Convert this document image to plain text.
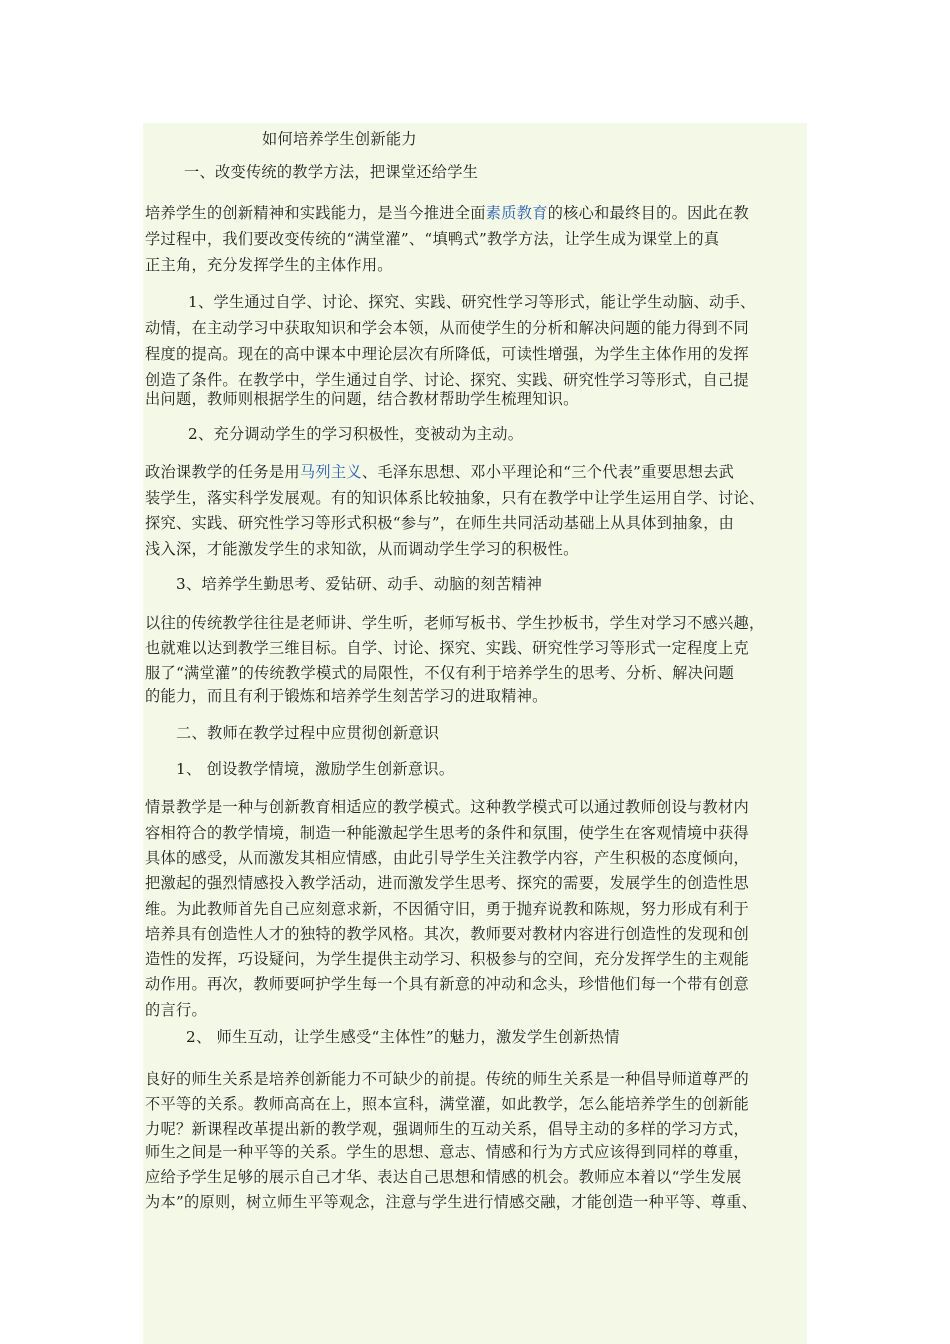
如何培养学生创新能力
一、改变传统的教学方法，把课堂还给学生
培养学生的创新精神和实践能力，是当今推进全面素质教育的核心和最终目的。因此在教
学过程中，我们要改变传统的“满堂灌”、“填鸭式”教学方法，让学生成为课堂上的真
正主角，充分发挥学生的主体作用。
1、学生通过自学、讨论、探究、实践、研究性学习等形式，能让学生动脑、动手、
动情，在主动学习中获取知识和学会本领，从而使学生的分析和解决问题的能力得到不同
程度的提高。现在的高中课本中理论层次有所降低，可读性增强，为学生主体作用的发挥
创造了条件。在教学中，学生通过自学、讨论、探究、实践、研究性学习等形式，自己提
出问题，教师则根据学生的问题，结合教材帮助学生梳理知识。
2、充分调动学生的学习积极性，变被动为主动。
政治课教学的任务是用马列主义、毛泽东思想、邓小平理论和“三个代表”重要思想去武
装学生，落实科学发展观。有的知识体系比较抽象，只有在教学中让学生运用自学、讨论、
探究、实践、研究性学习等形式积极“参与”，在师生共同活动基础上从具体到抽象，由
浅入深，才能激发学生的求知欲，从而调动学生学习的积极性。
3、培养学生勤思考、爱钻研、动手、动脑的刻苦精神
以往的传统教学往往是老师讲、学生听，老师写板书、学生抄板书，学生对学习不感兴趣，
也就难以达到教学三维目标。自学、讨论、探究、实践、研究性学习等形式一定程度上克
服了“满堂灌”的传统教学模式的局限性，不仅有利于培养学生的思考、分析、解决问题
的能力，而且有利于锻炼和培养学生刻苦学习的进取精神。
二、教师在教学过程中应贯彻创新意识
1、 创设教学情境，激励学生创新意识。
情景教学是一种与创新教育相适应的教学模式。这种教学模式可以通过教师创设与教材内
容相符合的教学情境，制造一种能激起学生思考的条件和氛围，使学生在客观情境中获得
具体的感受，从而激发其相应情感，由此引导学生关注教学内容，产生积极的态度倾向，
把激起的强烈情感投入教学活动，进而激发学生思考、探究的需要，发展学生的创造性思
维。为此教师首先自己应刻意求新，不因循守旧，勇于抛弃说教和陈规，努力形成有利于
培养具有创造性人才的独特的教学风格。其次，教师要对教材内容进行创造性的发现和创
造性的发挥，巧设疑问，为学生提供主动学习、积极参与的空间，充分发挥学生的主观能
动作用。再次，教师要呵护学生每一个具有新意的冲动和念头，珍惜他们每一个带有创意
的言行。
2、 师生互动，让学生感受“主体性”的魅力，激发学生创新热情
良好的师生关系是培养创新能力不可缺少的前提。传统的师生关系是一种倡导师道尊严的
不平等的关系。教师高高在上，照本宣科，满堂灌，如此教学，怎么能培养学生的创新能
力呢？新课程改革提出新的教学观，强调师生的互动关系，倡导主动的多样的学习方式，
师生之间是一种平等的关系。学生的思想、意志、情感和行为方式应该得到同样的尊重，
应给予学生足够的展示自己才华、表达自己思想和情感的机会。教师应本着以“学生发展
为本”的原则，树立师生平等观念，注意与学生进行情感交融，才能创造一种平等、尊重、
